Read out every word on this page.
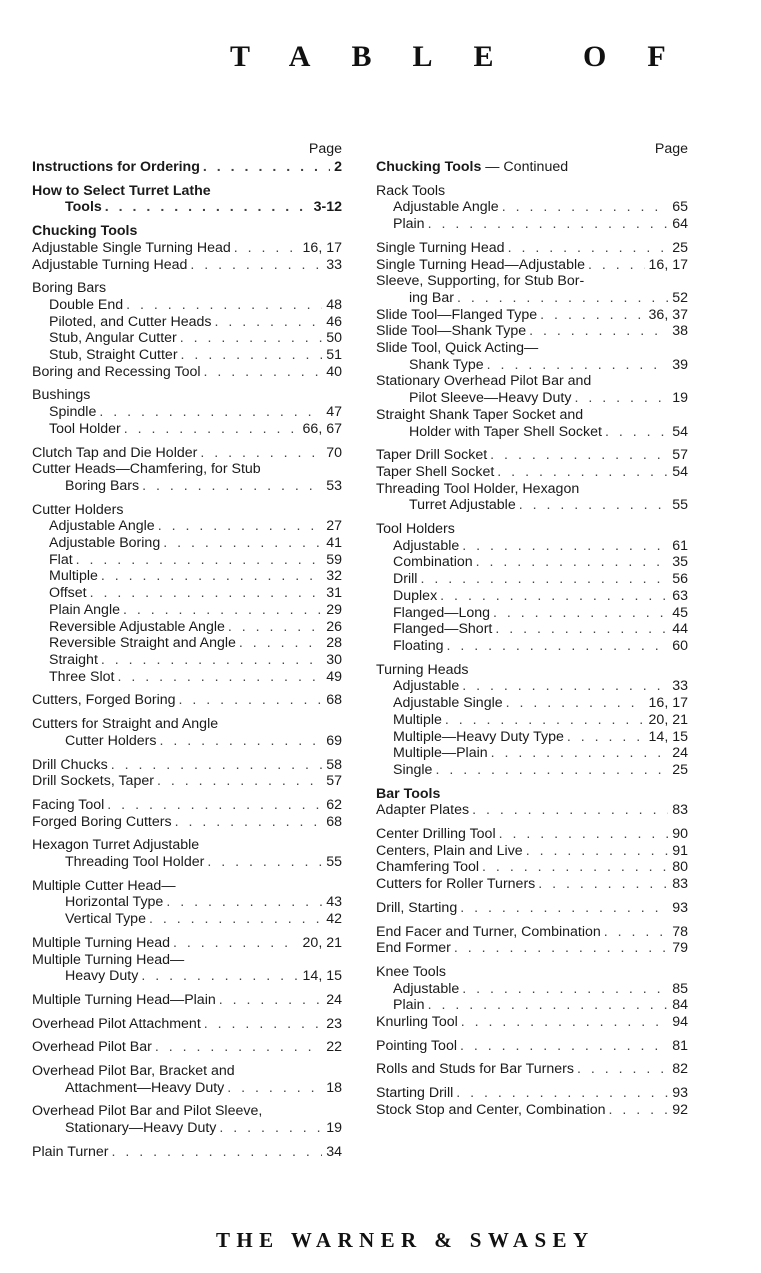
TABLE OF
Page
Instructions for Ordering . . .	2
How to Select Turret Lathe
Tools . . .	3-12
Chucking Tools
Adjustable Single Turning Head . . .	16, 17
Adjustable Turning Head . . .	33
Boring Bars
Double End . . .	48
Piloted, and Cutter Heads . . .	46
Stub, Angular Cutter . . .	50
Stub, Straight Cutter . . .	51
Boring and Recessing Tool . . .	40
Bushings
Spindle . . .	47
Tool Holder . . .	66, 67
Clutch Tap and Die Holder . . .	70
Cutter Heads—Chamfering, for Stub
Boring Bars . . .	53
Cutter Holders
Adjustable Angle . . .	27
Adjustable Boring . . .	41
Flat . . .	59
Multiple . . .	32
Offset . . .	31
Plain Angle . . .	29
Reversible Adjustable Angle . . .	26
Reversible Straight and Angle . . .	28
Straight . . .	30
Three Slot . . .	49
Cutters, Forged Boring . . .	68
Cutters for Straight and Angle
Cutter Holders . . .	69
Drill Chucks . . .	58
Drill Sockets, Taper . . .	57
Facing Tool . . .	62
Forged Boring Cutters . . .	68
Hexagon Turret Adjustable
Threading Tool Holder . . .	55
Multiple Cutter Head—
Horizontal Type . . .	43
Vertical Type . . .	42
Multiple Turning Head . . .	20, 21
Multiple Turning Head—
Heavy Duty . . .	14, 15
Multiple Turning Head—Plain . . .	24
Overhead Pilot Attachment . . .	23
Overhead Pilot Bar . . .	22
Overhead Pilot Bar, Bracket and
Attachment—Heavy Duty . . .	18
Overhead Pilot Bar and Pilot Sleeve,
Stationary—Heavy Duty . . .	19
Plain Turner . . .	34
Page
Chucking Tools — Continued
Rack Tools
Adjustable Angle . . .	65
Plain . . .	64
Single Turning Head . . .	25
Single Turning Head—Adjustable . . .	16, 17
Sleeve, Supporting, for Stub Bor-
ing Bar . . .	52
Slide Tool—Flanged Type . . .	36, 37
Slide Tool—Shank Type . . .	38
Slide Tool, Quick Acting—
Shank Type . . .	39
Stationary Overhead Pilot Bar and
Pilot Sleeve—Heavy Duty . . .	19
Straight Shank Taper Socket and
Holder with Taper Shell Socket . . .	54
Taper Drill Socket . . .	57
Taper Shell Socket . . .	54
Threading Tool Holder, Hexagon
Turret Adjustable . . .	55
Tool Holders
Adjustable . . .	61
Combination . . .	35
Drill . . .	56
Duplex . . .	63
Flanged—Long . . .	45
Flanged—Short . . .	44
Floating . . .	60
Turning Heads
Adjustable . . .	33
Adjustable Single . . .	16, 17
Multiple . . .	20, 21
Multiple—Heavy Duty Type . . .	14, 15
Multiple—Plain . . .	24
Single . . .	25
Bar Tools
Adapter Plates . . .	83
Center Drilling Tool . . .	90
Centers, Plain and Live . . .	91
Chamfering Tool . . .	80
Cutters for Roller Turners . . .	83
Drill, Starting . . .	93
End Facer and Turner, Combination . . .	78
End Former . . .	79
Knee Tools
Adjustable . . .	85
Plain . . .	84
Knurling Tool . . .	94
Pointing Tool . . .	81
Rolls and Studs for Bar Turners . . .	82
Starting Drill . . .	93
Stock Stop and Center, Combination . . .	92
THE WARNER & SWASEY
